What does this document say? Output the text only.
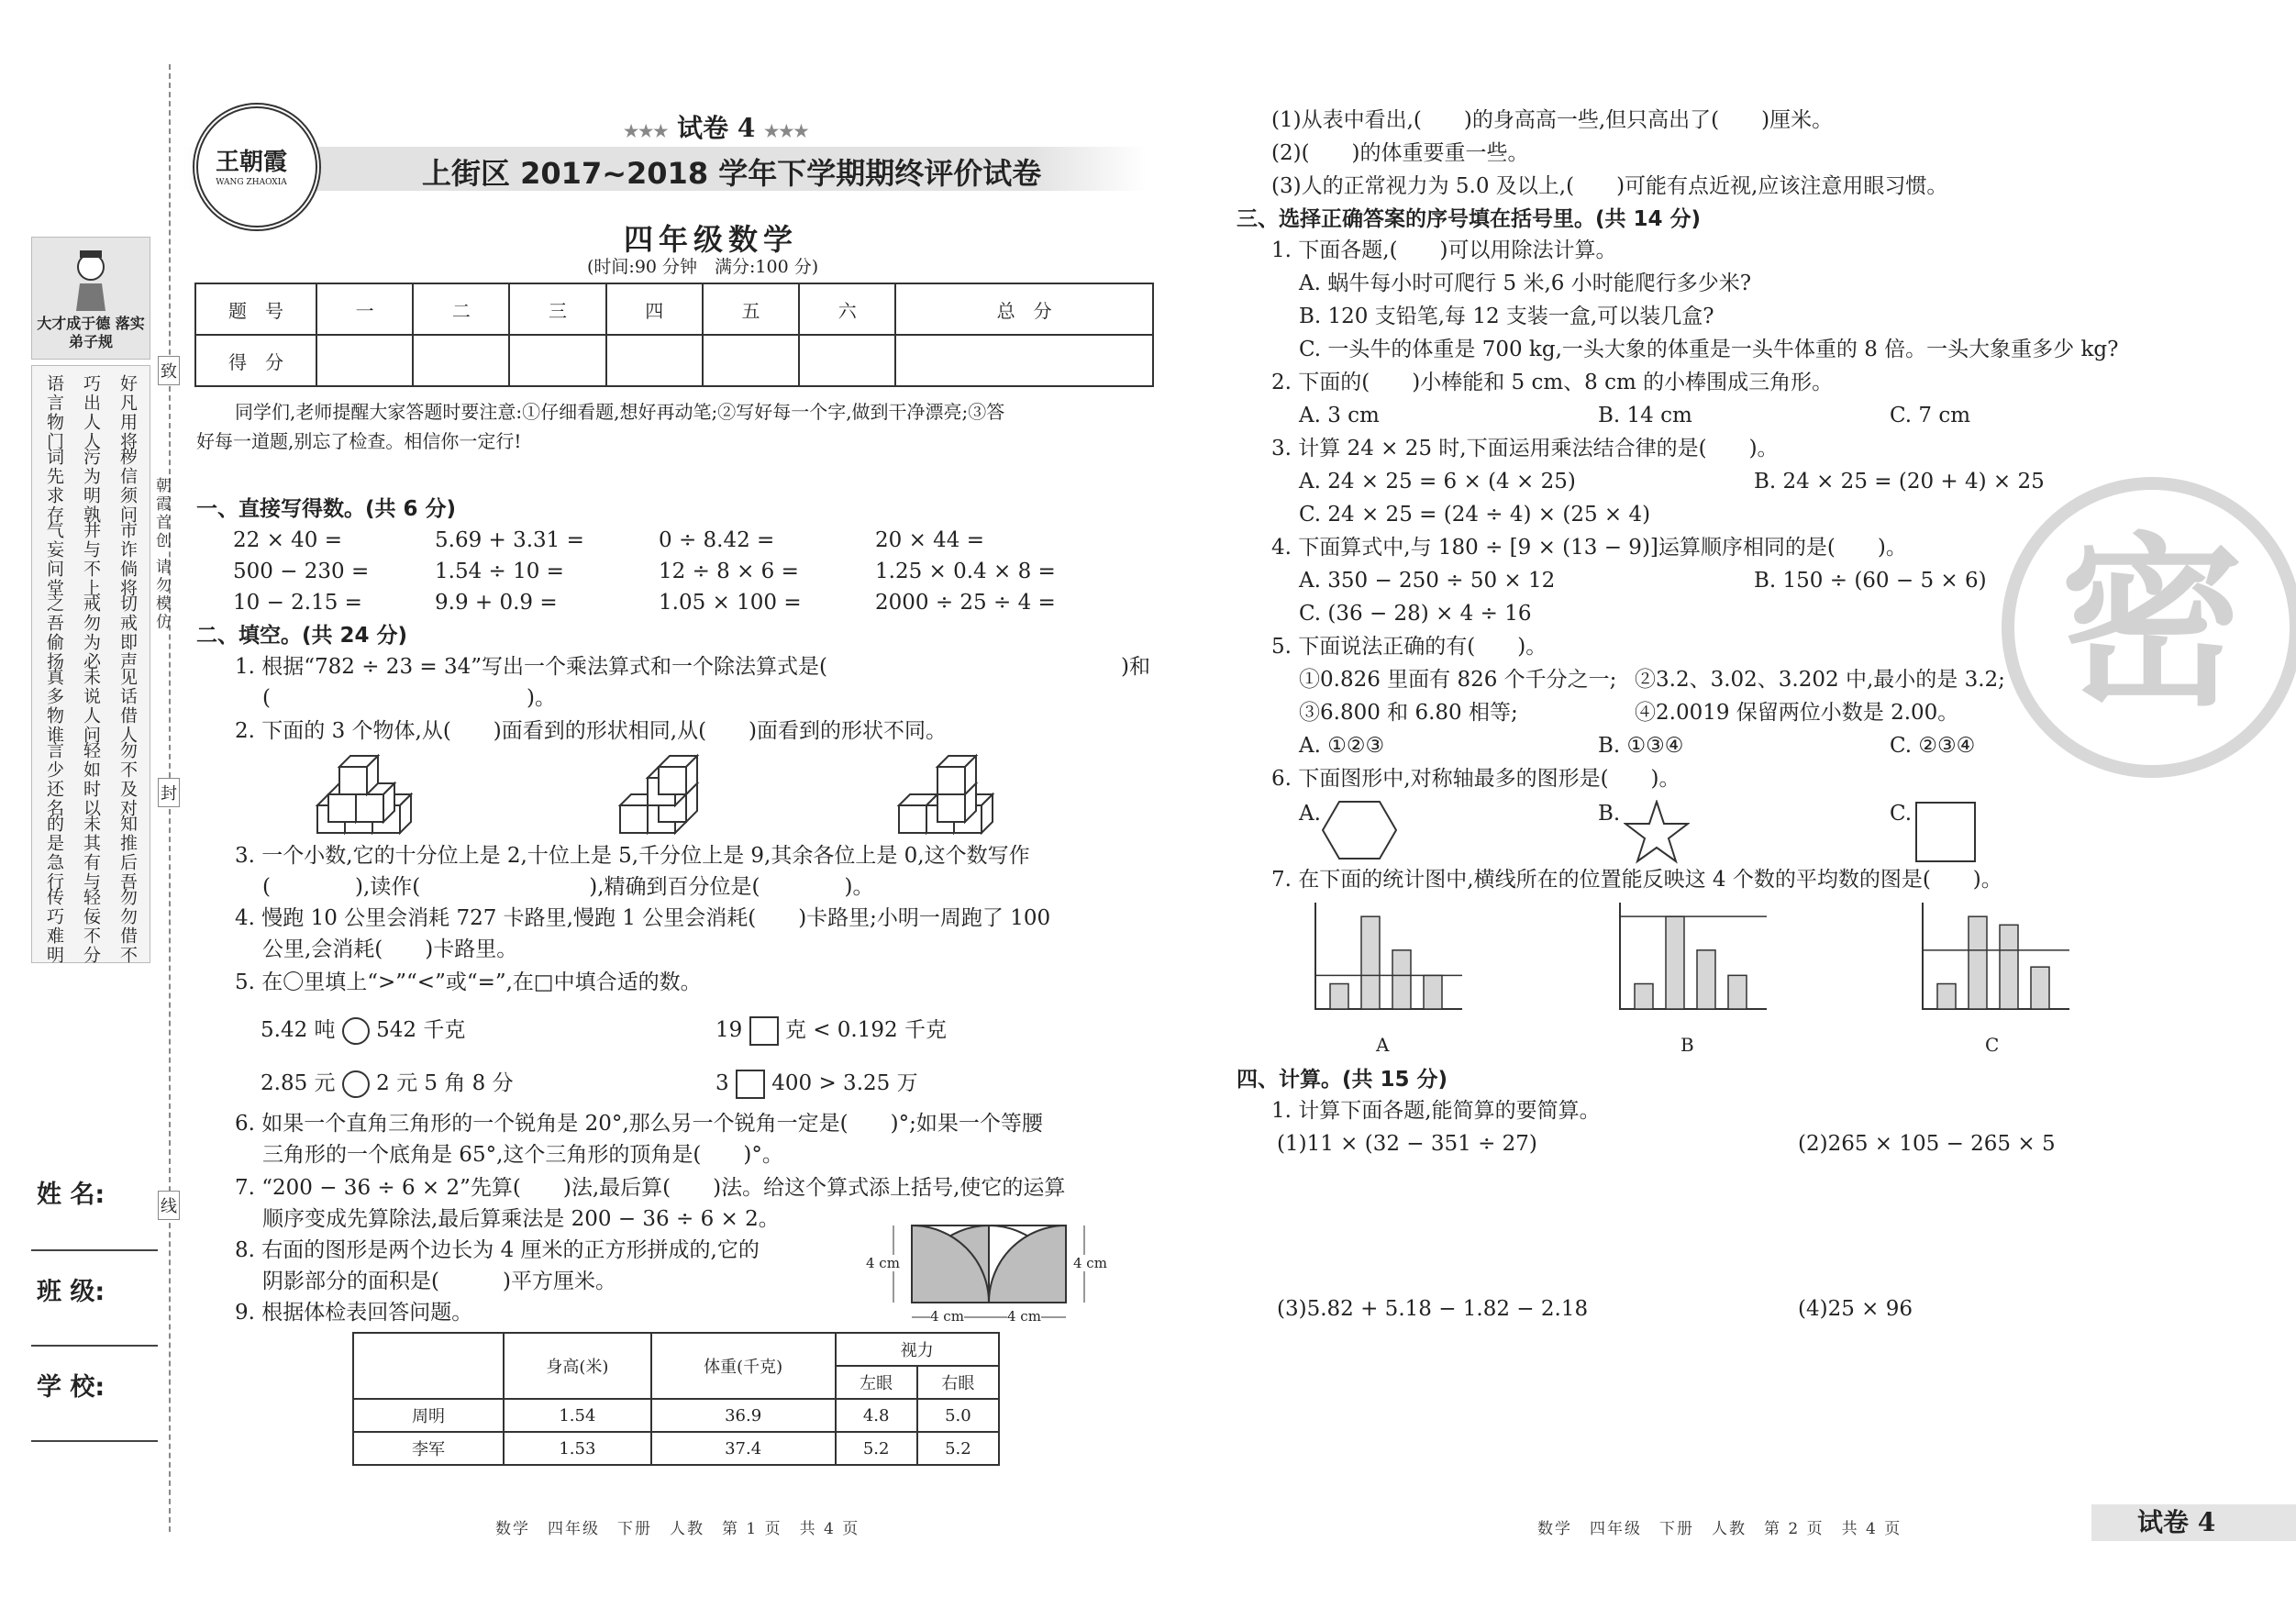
大才成于德 落实弟子规
好凡用将
巧出人人
语言物门
秽信须问
污为明孰
词先求存
市诈倘将
井与不上
气妄问堂
切戒即声
戒勿为必
之吾偷扬
见话借人
未说人问
真多物谁
勿不及对
轻如时以
言少还名
知推后吾
未其有与
的是急行
勿勿借不
轻佞不分
传巧难明
致
封
线
朝霞首创 请勿模仿
姓 名:
班 级:
学 校:
王朝霞
WANG ZHAOXIA
★★★ 试卷 4 ★★★
上街区 2017~2018 学年下学期期终评价试卷
四年级数学
(时间:90 分钟　满分:100 分)
题　号	一	二	三	四	五	六	总　分
得　分							
同学们,老师提醒大家答题时要注意:①仔细看题,想好再动笔;②写好每一个字,做到干净漂亮;③答
好每一道题,别忘了检查。相信你一定行!
一、直接写得数。(共 6 分)
22 × 40 =	5.69 + 3.31 =	0 ÷ 8.42 =	20 × 44 =
500 − 230 =	1.54 ÷ 10 =	12 ÷ 8 × 6 =	1.25 × 0.4 × 8 =
10 − 2.15 =	9.9 + 0.9 =	1.05 × 100 =	2000 ÷ 25 ÷ 4 =
二、填空。(共 24 分)
1. 根据“782 ÷ 23 = 34”写出一个乘法算式和一个除法算式是(	)和
(	)。
2. 下面的 3 个物体,从(　　)面看到的形状相同,从(　　)面看到的形状不同。
3. 一个小数,它的十分位上是 2,十位上是 5,千分位上是 9,其余各位上是 0,这个数写作
(　　　　),读作(　　　　　　　　),精确到百分位是(　　　　)。
4. 慢跑 10 公里会消耗 727 卡路里,慢跑 1 公里会消耗(　　)卡路里;小明一周跑了 100
公里,会消耗(　　)卡路里。
5. 在〇里填上“>”“<”或“=”,在□中填合适的数。
5.42 吨 542 千克	19 克 < 0.192 千克
2.85 元 2 元 5 角 8 分	3 400 > 3.25 万
6. 如果一个直角三角形的一个锐角是 20°,那么另一个锐角一定是(　　)°;如果一个等腰
三角形的一个底角是 65°,这个三角形的顶角是(　　)°。
7. “200 − 36 ÷ 6 × 2”先算(　　)法,最后算(　　)法。给这个算式添上括号,使它的运算
顺序变成先算除法,最后算乘法是 200 − 36 ÷ 6 × 2。
8. 右面的图形是两个边长为 4 厘米的正方形拼成的,它的
阴影部分的面积是(　　　)平方厘米。
4 cm	4 cm
4 cm	4 cm
9. 根据体检表回答问题。
	身高(米)	体重(千克)	视力	
			左眼	右眼
周明	1.54	36.9	4.8	5.0
李军	1.53	37.4	5.2	5.2
数学　四年级　下册　人教　第 1 页　共 4 页
(1)从表中看出,(　　)的身高高一些,但只高出了(　　)厘米。
(2)(　　)的体重要重一些。
(3)人的正常视力为 5.0 及以上,(　　)可能有点近视,应该注意用眼习惯。
三、选择正确答案的序号填在括号里。(共 14 分)
1. 下面各题,(　　)可以用除法计算。
A. 蜗牛每小时可爬行 5 米,6 小时能爬行多少米?
B. 120 支铅笔,每 12 支装一盒,可以装几盒?
C. 一头牛的体重是 700 kg,一头大象的体重是一头牛体重的 8 倍。一头大象重多少 kg?
2. 下面的(　　)小棒能和 5 cm、8 cm 的小棒围成三角形。
A. 3 cm	B. 14 cm	C. 7 cm
3. 计算 24 × 25 时,下面运用乘法结合律的是(　　)。
A. 24 × 25 = 6 × (4 × 25)	B. 24 × 25 = (20 + 4) × 25
C. 24 × 25 = (24 ÷ 4) × (25 × 4)
4. 下面算式中,与 180 ÷ [9 × (13 − 9)]运算顺序相同的是(　　)。
A. 350 − 250 ÷ 50 × 12	B. 150 ÷ (60 − 5 × 6)
C. (36 − 28) × 4 ÷ 16
5. 下面说法正确的有(　　)。
①0.826 里面有 826 个千分之一; ②3.2、3.02、3.202 中,最小的是 3.2;
③6.800 和 6.80 相等;	④2.0019 保留两位小数是 2.00。
A. ①②③	B. ①③④	C. ②③④
6. 下面图形中,对称轴最多的图形是(　　)。
A.	B.	C.
7. 在下面的统计图中,横线所在的位置能反映这 4 个数的平均数的图是(　　)。
A	B	C
四、计算。(共 15 分)
1. 计算下面各题,能简算的要简算。
(1)11 × (32 − 351 ÷ 27)	(2)265 × 105 − 265 × 5
(3)5.82 + 5.18 − 1.82 − 2.18	(4)25 × 96
密
数学　四年级　下册　人教　第 2 页　共 4 页	试卷 4
